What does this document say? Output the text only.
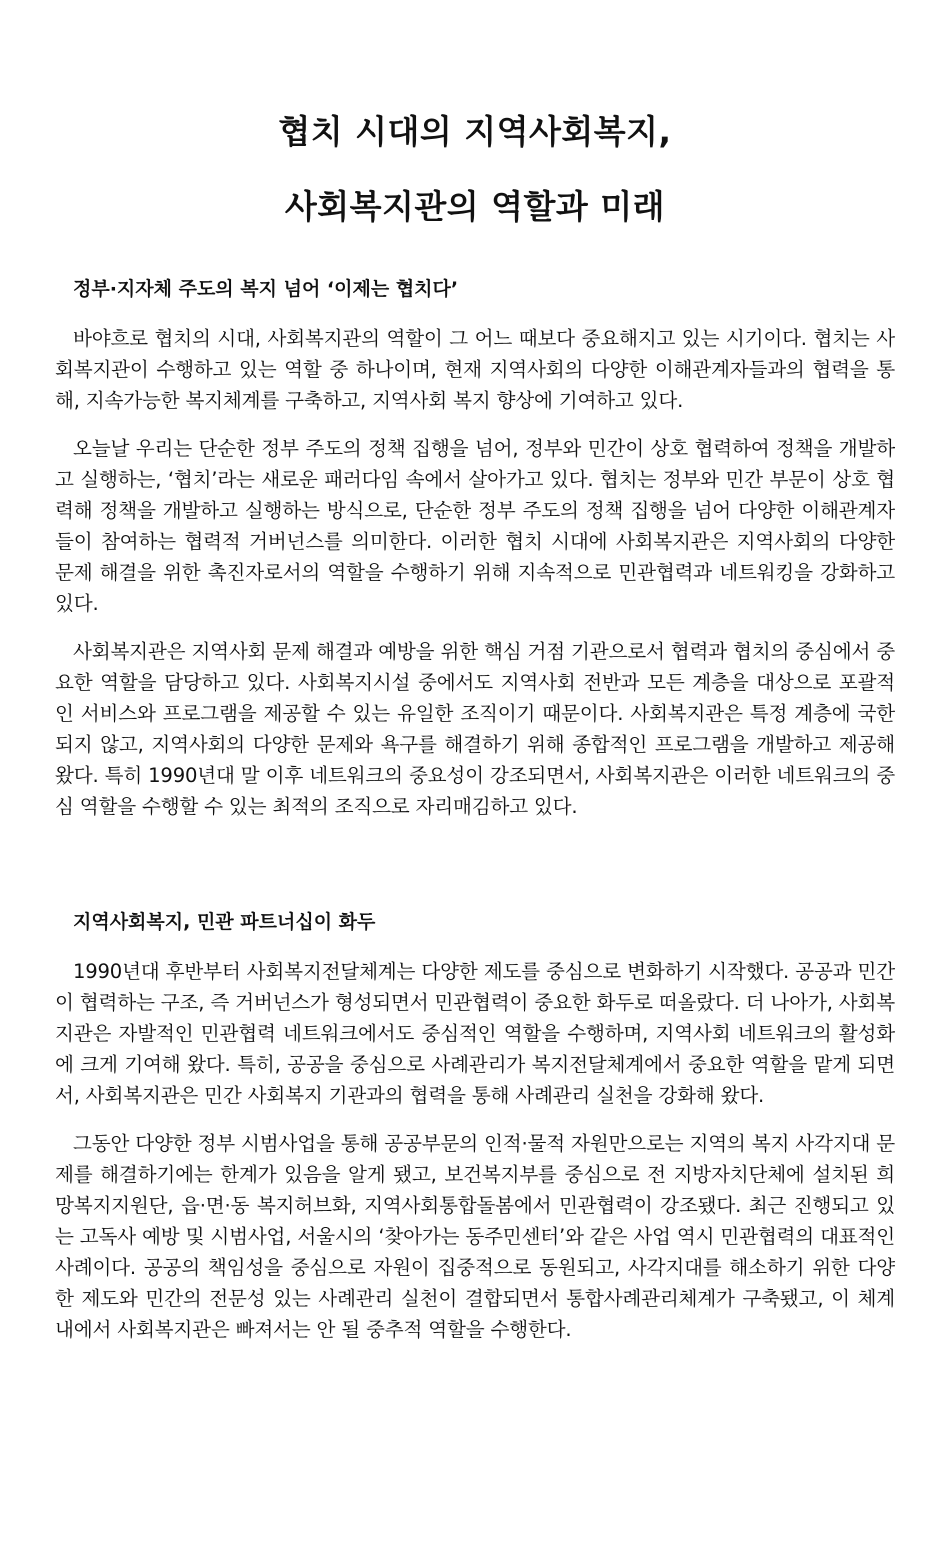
협치 시대의 지역사회복지,
사회복지관의 역할과 미래
정부·지자체 주도의 복지 넘어 ‘이제는 협치다’

바야흐로 협치의 시대, 사회복지관의 역할이 그 어느 때보다 중요해지고 있는 시기이다. 협치는 사회복지관이 수행하고 있는 역할 중 하나이며, 현재 지역사회의 다양한 이해관계자들과의 협력을 통해, 지속가능한 복지체계를 구축하고, 지역사회 복지 향상에 기여하고 있다.

오늘날 우리는 단순한 정부 주도의 정책 집행을 넘어, 정부와 민간이 상호 협력하여 정책을 개발하고 실행하는, ‘협치’라는 새로운 패러다임 속에서 살아가고 있다. 협치는 정부와 민간 부문이 상호 협력해 정책을 개발하고 실행하는 방식으로, 단순한 정부 주도의 정책 집행을 넘어 다양한 이해관계자들이 참여하는 협력적 거버넌스를 의미한다. 이러한 협치 시대에 사회복지관은 지역사회의 다양한 문제 해결을 위한 촉진자로서의 역할을 수행하기 위해 지속적으로 민관협력과 네트워킹을 강화하고 있다.

사회복지관은 지역사회 문제 해결과 예방을 위한 핵심 거점 기관으로서 협력과 협치의 중심에서 중요한 역할을 담당하고 있다. 사회복지시설 중에서도 지역사회 전반과 모든 계층을 대상으로 포괄적인 서비스와 프로그램을 제공할 수 있는 유일한 조직이기 때문이다. 사회복지관은 특정 계층에 국한되지 않고, 지역사회의 다양한 문제와 욕구를 해결하기 위해 종합적인 프로그램을 개발하고 제공해 왔다. 특히 1990년대 말 이후 네트워크의 중요성이 강조되면서, 사회복지관은 이러한 네트워크의 중심 역할을 수행할 수 있는 최적의 조직으로 자리매김하고 있다.

지역사회복지, 민관 파트너십이 화두

1990년대 후반부터 사회복지전달체계는 다양한 제도를 중심으로 변화하기 시작했다. 공공과 민간이 협력하는 구조, 즉 거버넌스가 형성되면서 민관협력이 중요한 화두로 떠올랐다. 더 나아가, 사회복지관은 자발적인 민관협력 네트워크에서도 중심적인 역할을 수행하며, 지역사회 네트워크의 활성화에 크게 기여해 왔다. 특히, 공공을 중심으로 사례관리가 복지전달체계에서 중요한 역할을 맡게 되면서, 사회복지관은 민간 사회복지 기관과의 협력을 통해 사례관리 실천을 강화해 왔다.

그동안 다양한 정부 시범사업을 통해 공공부문의 인적·물적 자원만으로는 지역의 복지 사각지대 문제를 해결하기에는 한계가 있음을 알게 됐고, 보건복지부를 중심으로 전 지방자치단체에 설치된 희망복지지원단, 읍·면·동 복지허브화, 지역사회통합돌봄에서 민관협력이 강조됐다. 최근 진행되고 있는 고독사 예방 및 시범사업, 서울시의 ‘찾아가는 동주민센터’와 같은 사업 역시 민관협력의 대표적인 사례이다. 공공의 책임성을 중심으로 자원이 집중적으로 동원되고, 사각지대를 해소하기 위한 다양한 제도와 민간의 전문성 있는 사례관리 실천이 결합되면서 통합사례관리체계가 구축됐고, 이 체계 내에서 사회복지관은 빠져서는 안 될 중추적 역할을 수행한다.
